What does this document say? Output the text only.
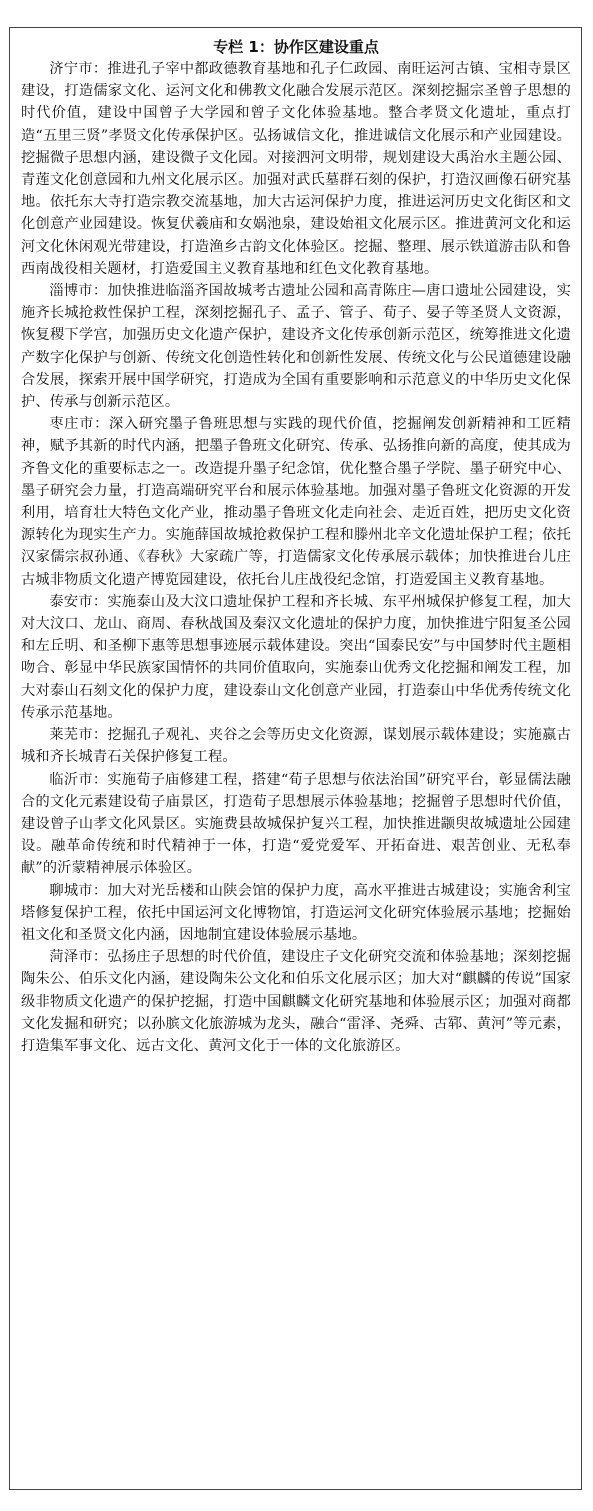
专栏 1：协作区建设重点

济宁市：推进孔子宰中都政德教育基地和孔子仁政园、南旺运河古镇、宝相寺景区建设，打造儒家文化、运河文化和佛教文化融合发展示范区。深刻挖掘宗圣曾子思想的时代价值，建设中国曾子大学园和曾子文化体验基地。整合孝贤文化遗址，重点打造“五里三贤”孝贤文化传承保护区。弘扬诚信文化，推进诚信文化展示和产业园建设。挖掘微子思想内涵，建设微子文化园。对接泗河文明带，规划建设大禹治水主题公园、青莲文化创意园和九州文化展示区。加强对武氏墓群石刻的保护，打造汉画像石研究基地。依托东大寺打造宗教交流基地，加大古运河保护力度，推进运河历史文化街区和文化创意产业园建设。恢复伏羲庙和女娲池泉，建设始祖文化展示区。推进黄河文化和运河文化休闲观光带建设，打造渔乡古韵文化体验区。挖掘、整理、展示铁道游击队和鲁西南战役相关题材，打造爱国主义教育基地和红色文化教育基地。

淄博市：加快推进临淄齐国故城考古遗址公园和高青陈庄—唐口遗址公园建设，实施齐长城抢救性保护工程，深刻挖掘孔子、孟子、管子、荀子、晏子等圣贤人文资源，恢复稷下学宫，加强历史文化遗产保护，建设齐文化传承创新示范区，统筹推进文化遗产数字化保护与创新、传统文化创造性转化和创新性发展、传统文化与公民道德建设融合发展，探索开展中国学研究，打造成为全国有重要影响和示范意义的中华历史文化保护、传承与创新示范区。

枣庄市：深入研究墨子鲁班思想与实践的现代价值，挖掘阐发创新精神和工匠精神，赋予其新的时代内涵，把墨子鲁班文化研究、传承、弘扬推向新的高度，使其成为齐鲁文化的重要标志之一。改造提升墨子纪念馆，优化整合墨子学院、墨子研究中心、墨子研究会力量，打造高端研究平台和展示体验基地。加强对墨子鲁班文化资源的开发利用，培育壮大特色文化产业，推动墨子鲁班文化走向社会、走近百姓，把历史文化资源转化为现实生产力。实施薛国故城抢救保护工程和滕州北辛文化遗址保护工程；依托汉家儒宗叔孙通、《春秋》大家疏广等，打造儒家文化传承展示载体；加快推进台儿庄古城非物质文化遗产博览园建设，依托台儿庄战役纪念馆，打造爱国主义教育基地。

泰安市：实施泰山及大汶口遗址保护工程和齐长城、东平州城保护修复工程，加大对大汶口、龙山、商周、春秋战国及秦汉文化遗址的保护力度，加快推进宁阳复圣公园和左丘明、和圣柳下惠等思想事迹展示载体建设。突出“国泰民安”与中国梦时代主题相吻合、彰显中华民族家国情怀的共同价值取向，实施泰山优秀文化挖掘和阐发工程，加大对泰山石刻文化的保护力度，建设泰山文化创意产业园，打造泰山中华优秀传统文化传承示范基地。

莱芜市：挖掘孔子观礼、夹谷之会等历史文化资源，谋划展示载体建设；实施嬴古城和齐长城青石关保护修复工程。

临沂市：实施荀子庙修建工程，搭建“荀子思想与依法治国”研究平台，彰显儒法融合的文化元素建设荀子庙景区，打造荀子思想展示体验基地；挖掘曾子思想时代价值，建设曾子山孝文化风景区。实施费县故城保护复兴工程，加快推进颛臾故城遗址公园建设。融革命传统和时代精神于一体，打造“爱党爱军、开拓奋进、艰苦创业、无私奉献”的沂蒙精神展示体验区。

聊城市：加大对光岳楼和山陕会馆的保护力度，高水平推进古城建设；实施舍利宝塔修复保护工程，依托中国运河文化博物馆，打造运河文化研究体验展示基地；挖掘始祖文化和圣贤文化内涵，因地制宜建设体验展示基地。

菏泽市：弘扬庄子思想的时代价值，建设庄子文化研究交流和体验基地；深刻挖掘陶朱公、伯乐文化内涵，建设陶朱公文化和伯乐文化展示区；加大对“麒麟的传说”国家级非物质文化遗产的保护挖掘，打造中国麒麟文化研究基地和体验展示区；加强对商都文化发掘和研究；以孙膑文化旅游城为龙头，融合“雷泽、尧舜、古郓、黄河”等元素，打造集军事文化、远古文化、黄河文化于一体的文化旅游区。
